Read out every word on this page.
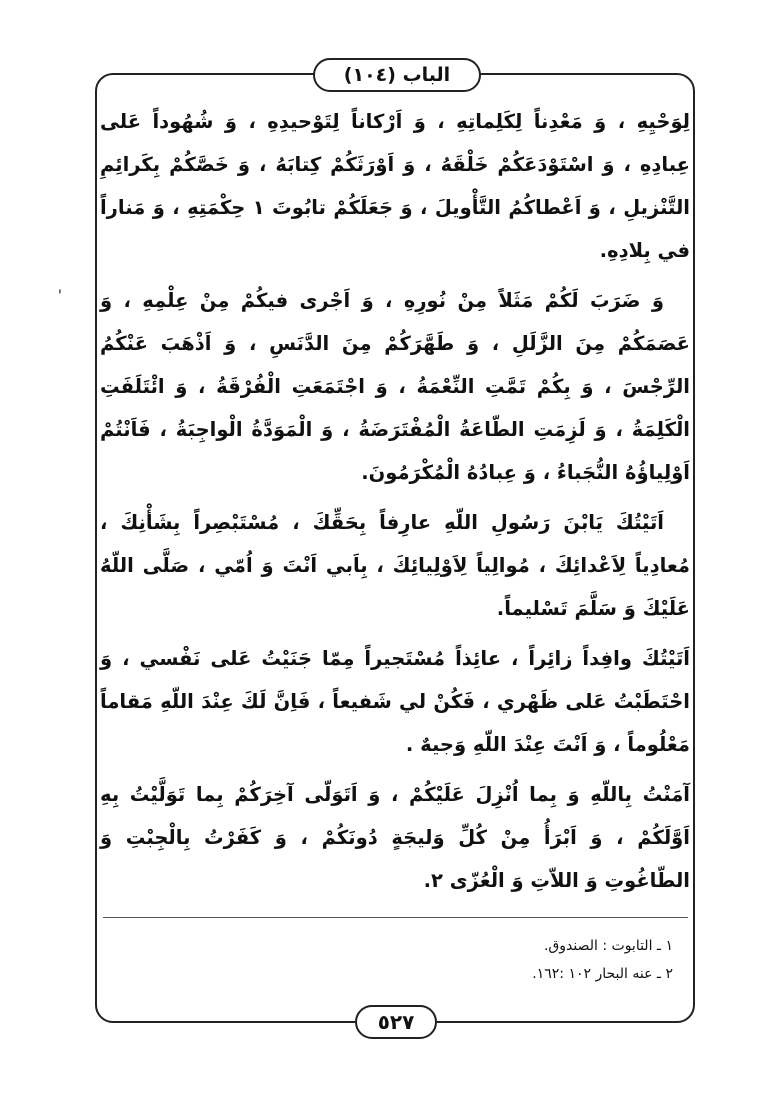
الباب (١٠٤)
'

لِوَحْيِهِ ، وَ مَعْدِناً لِكَلِماتِهِ ، وَ اَرْكاناً لِتَوْحيدِهِ ، وَ شُهُوداً عَلى عِبادِهِ ، وَ اسْتَوْدَعَكُمْ خَلْقَهُ ، وَ اَوْرَثَكُمْ كِتابَهُ ، وَ خَصَّكُمْ بِكَرائِمِ التَّنْزيلِ ، وَ اَعْطاكُمُ التَّأْويلَ ، وَ جَعَلَكُمْ تابُوتَ ١ حِكْمَتِهِ ، وَ مَناراً في بِلادِهِ.

وَ ضَرَبَ لَكُمْ مَثَلاً مِنْ نُورِهِ ، وَ اَجْرى فيكُمْ مِنْ عِلْمِهِ ، وَ عَصَمَكُمْ مِنَ الزَّلَلِ ، وَ طَهَّرَكُمْ مِنَ الدَّنَسِ ، وَ اَذْهَبَ عَنْكُمُ الرِّجْسَ ، وَ بِكُمْ تَمَّتِ النِّعْمَةُ ، وَ اجْتَمَعَتِ الْفُرْقَةُ ، وَ ائْتَلَفَتِ الْكَلِمَةُ ، وَ لَزِمَتِ الطّاعَةُ الْمُفْتَرَضَةُ ، وَ الْمَوَدَّةُ الْواجِبَةُ ، فَاَنْتُمْ اَوْلِياؤُهُ النُّجَباءُ ، وَ عِبادُهُ الْمُكْرَمُونَ.

اَتَيْتُكَ يَابْنَ رَسُولِ اللّهِ عارِفاً بِحَقِّكَ ، مُسْتَبْصِراً بِشَأْنِكَ ، مُعادِياً لِاَعْدائِكَ ، مُوالِياً لِاَوْلِيائِكَ ، بِاَبي اَنْتَ وَ اُمّي ، صَلَّى اللّهُ عَلَيْكَ وَ سَلَّمَ تَسْليماً.

اَتَيْتُكَ وافِداً زائِراً ، عائِذاً مُسْتَجيراً مِمّا جَنَيْتُ عَلى نَفْسي ، وَ احْتَطَبْتُ عَلى ظَهْري ، فَكُنْ لي شَفيعاً ، فَاِنَّ لَكَ عِنْدَ اللّهِ مَقاماً مَعْلُوماً ، وَ اَنْتَ عِنْدَ اللّهِ وَجيهٌ .

آمَنْتُ بِاللّهِ وَ بِما اُنْزِلَ عَلَيْكُمْ ، وَ اَتَوَلّى آخِرَكُمْ بِما تَوَلَّيْتُ بِهِ اَوَّلَكُمْ ، وَ اَبْرَأُ مِنْ كُلِّ وَليجَةٍ دُونَكُمْ ، وَ كَفَرْتُ بِالْجِبْتِ وَ الطّاغُوتِ وَ اللاّتِ وَ الْعُزّى ٢.

١ ـ التابوت : الصندوق.
٢ ـ عنه البحار ١٠٢ :١٦٢.
٥٢٧
